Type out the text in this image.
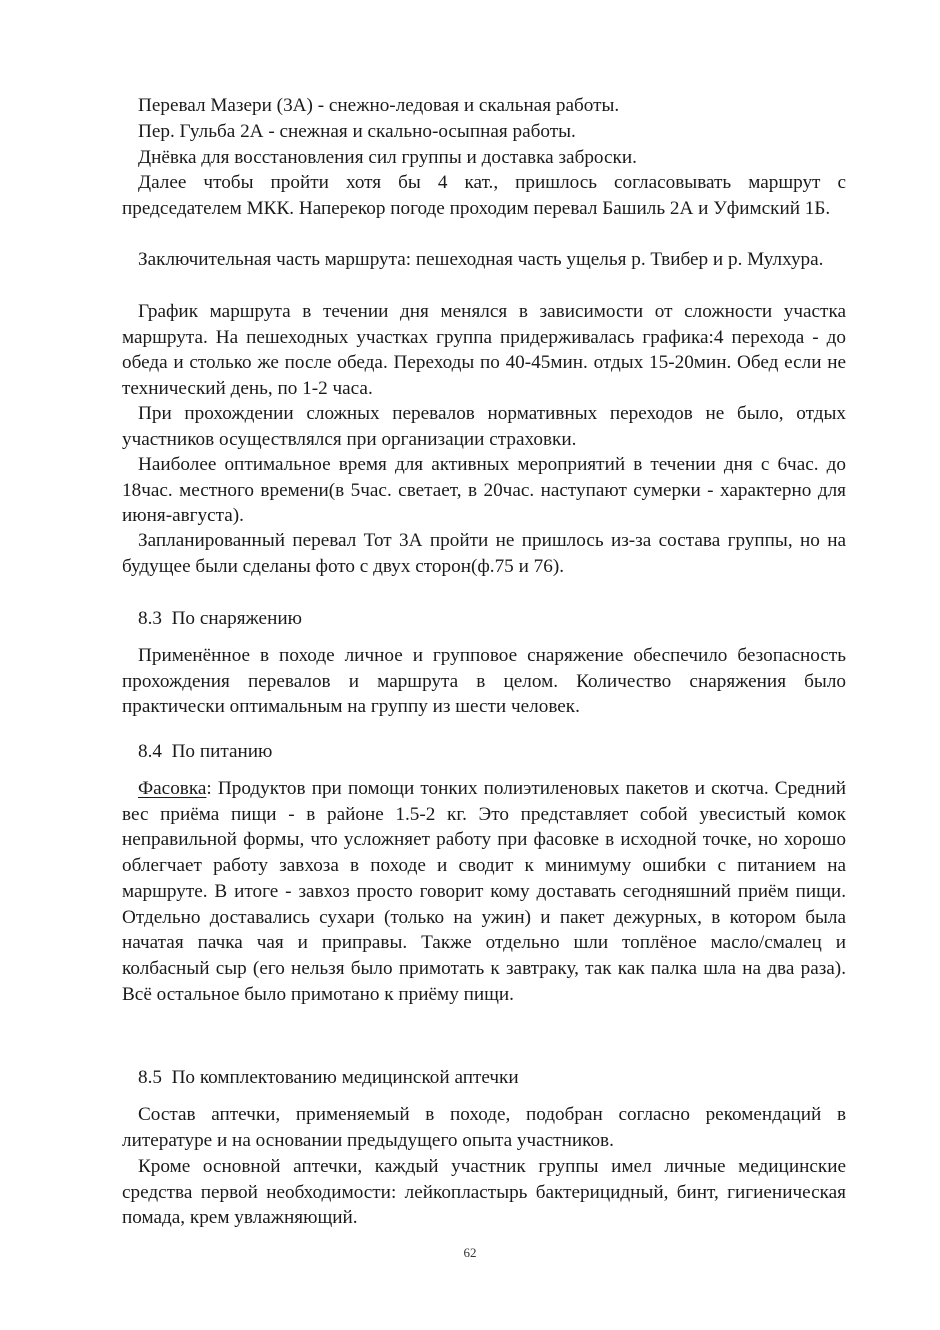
Перевал Мазери (3А) - снежно-ледовая и скальная работы.

Пер. Гульба 2А - снежная и скально-осыпная работы.

Днёвка для восстановления сил группы и доставка заброски.

Далее чтобы пройти хотя бы 4 кат., пришлось согласовывать маршрут с председателем МКК. Наперекор погоде проходим перевал Башиль 2А и Уфимский 1Б.

Заключительная часть маршрута: пешеходная часть ущелья р. Твибер и р. Мулхура.

График маршрута в течении дня менялся в зависимости от сложности участка маршрута. На пешеходных участках группа придерживалась графика:4 перехода - до обеда и столько же после обеда. Переходы по 40-45мин. отдых 15-20мин. Обед если не технический день, по 1-2 часа.

При прохождении сложных перевалов нормативных переходов не было, отдых участников осуществлялся при организации страховки.

Наиболее оптимальное время для активных мероприятий в течении дня с 6час. до 18час. местного времени(в 5час. светает, в 20час. наступают сумерки - характерно для июня-августа).

Запланированный перевал Тот 3А пройти не пришлось из-за состава группы, но на будущее были сделаны фото с двух сторон(ф.75 и 76).

8.3  По снаряжению

Применённое в походе личное и групповое снаряжение обеспечило безопасность прохождения перевалов и маршрута в целом. Количество снаряжения было практически оптимальным на группу из шести человек.

8.4  По питанию

Фасовка: Продуктов при помощи тонких полиэтиленовых пакетов и скотча. Средний вес приёма пищи - в районе 1.5-2 кг. Это представляет собой увесистый комок неправильной формы, что усложняет работу при фасовке в исходной точке, но хорошо облегчает работу завхоза в походе и сводит к минимуму ошибки с питанием на маршруте. В итоге - завхоз просто говорит кому доставать сегодняшний приём пищи. Отдельно доставались сухари (только на ужин) и пакет дежурных, в котором была начатая пачка чая и приправы. Также отдельно шли топлёное масло/смалец и колбасный сыр (его нельзя было примотать к завтраку, так как палка шла на два раза). Всё остальное было примотано к приёму пищи.

8.5  По комплектованию медицинской аптечки

Состав аптечки, применяемый в походе, подобран согласно рекомендаций в литературе и на основании предыдущего опыта участников.

Кроме основной аптечки, каждый участник группы имел личные медицинские средства первой необходимости: лейкопластырь бактерицидный, бинт, гигиеническая помада, крем увлажняющий.

62
